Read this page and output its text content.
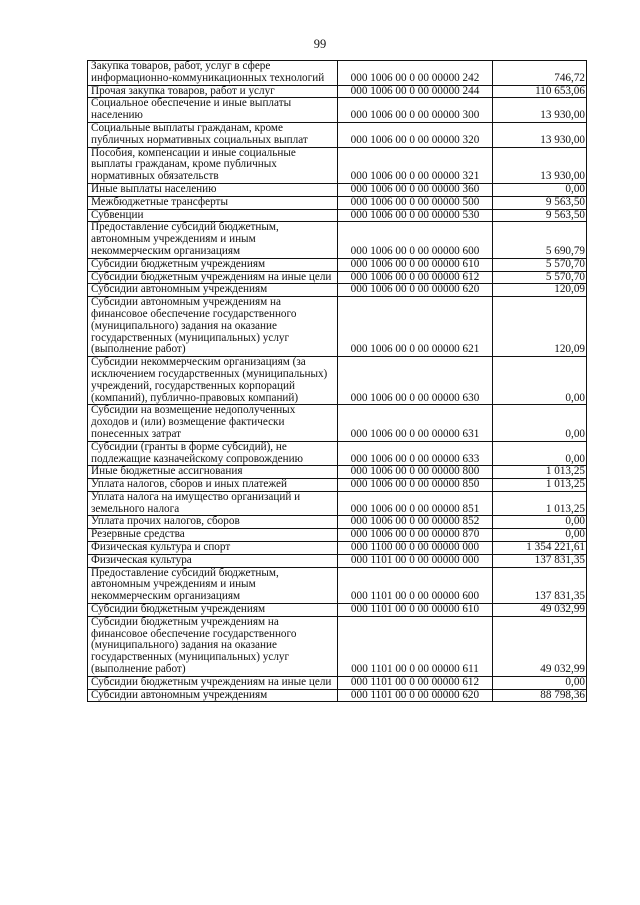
99
Закупка товаров, работ, услуг в сфере информационно-коммуникационных технологий	000 1006 00 0 00 00000 242	746,72
Прочая закупка товаров, работ и услуг	000 1006 00 0 00 00000 244	110 653,06
Социальное обеспечение и иные выплаты населению	000 1006 00 0 00 00000 300	13 930,00
Социальные выплаты гражданам, кроме публичных нормативных социальных выплат	000 1006 00 0 00 00000 320	13 930,00
Пособия, компенсации и иные социальные выплаты гражданам, кроме публичных нормативных обязательств	000 1006 00 0 00 00000 321	13 930,00
Иные выплаты населению	000 1006 00 0 00 00000 360	0,00
Межбюджетные трансферты	000 1006 00 0 00 00000 500	9 563,50
Субвенции	000 1006 00 0 00 00000 530	9 563,50
Предоставление субсидий бюджетным, автономным учреждениям и иным некоммерческим организациям	000 1006 00 0 00 00000 600	5 690,79
Субсидии бюджетным учреждениям	000 1006 00 0 00 00000 610	5 570,70
Субсидии бюджетным учреждениям на иные цели	000 1006 00 0 00 00000 612	5 570,70
Субсидии автономным учреждениям	000 1006 00 0 00 00000 620	120,09
Субсидии автономным учреждениям на финансовое обеспечение государственного (муниципального) задания на оказание государственных (муниципальных) услуг (выполнение работ)	000 1006 00 0 00 00000 621	120,09
Субсидии некоммерческим организациям (за исключением государственных (муниципальных) учреждений, государственных корпораций (компаний), публично-правовых компаний)	000 1006 00 0 00 00000 630	0,00
Субсидии на возмещение недополученных доходов и (или) возмещение фактически понесенных затрат	000 1006 00 0 00 00000 631	0,00
Субсидии (гранты в форме субсидий), не подлежащие казначейскому сопровождению	000 1006 00 0 00 00000 633	0,00
Иные бюджетные ассигнования	000 1006 00 0 00 00000 800	1 013,25
Уплата налогов, сборов и иных платежей	000 1006 00 0 00 00000 850	1 013,25
Уплата налога на имущество организаций и земельного налога	000 1006 00 0 00 00000 851	1 013,25
Уплата прочих налогов, сборов	000 1006 00 0 00 00000 852	0,00
Резервные средства	000 1006 00 0 00 00000 870	0,00
Физическая культура и спорт	000 1100 00 0 00 00000 000	1 354 221,61
Физическая культура	000 1101 00 0 00 00000 000	137 831,35
Предоставление субсидий бюджетным, автономным учреждениям и иным некоммерческим организациям	000 1101 00 0 00 00000 600	137 831,35
Субсидии бюджетным учреждениям	000 1101 00 0 00 00000 610	49 032,99
Субсидии бюджетным учреждениям на финансовое обеспечение государственного (муниципального) задания на оказание государственных (муниципальных) услуг (выполнение работ)	000 1101 00 0 00 00000 611	49 032,99
Субсидии бюджетным учреждениям на иные цели	000 1101 00 0 00 00000 612	0,00
Субсидии автономным учреждениям	000 1101 00 0 00 00000 620	88 798,36
